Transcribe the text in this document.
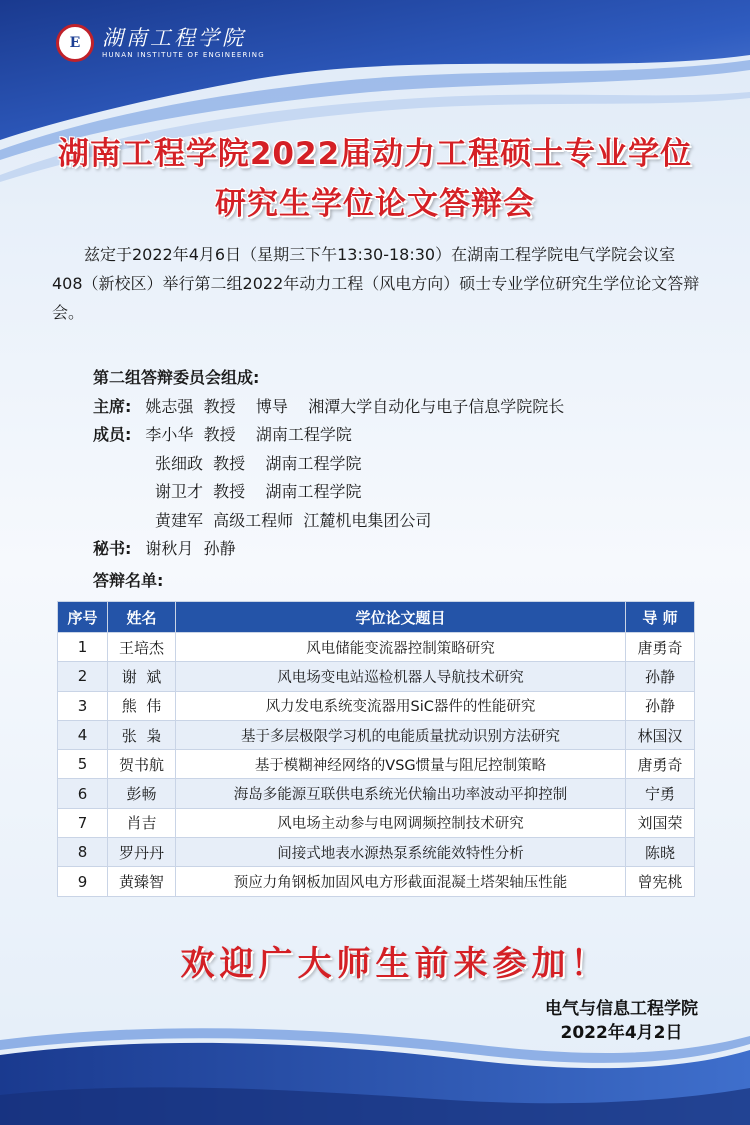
E	湖南工程学院
HUNAN INSTITUTE OF ENGINEERING
湖南工程学院2022届动力工程硕士专业学位
研究生学位论文答辩会
兹定于2022年4月6日（星期三下午13:30-18:30）在湖南工程学院电气学院会议室408（新校区）举行第二组2022年动力工程（风电方向）硕士专业学位研究生学位论文答辩会。
第二组答辩委员会组成:
主席: 姚志强  教授    博导    湘潭大学自动化与电子信息学院院长
成员: 李小华  教授    湖南工程学院
张细政  教授    湖南工程学院
谢卫才  教授    湖南工程学院
黄建军  高级工程师  江麓机电集团公司
秘书: 谢秋月  孙静
答辩名单:
序号	姓名	学位论文题目	导 师
1	王培杰	风电储能变流器控制策略研究	唐勇奇
2	谢  斌	风电场变电站巡检机器人导航技术研究	孙静
3	熊  伟	风力发电系统变流器用SiC器件的性能研究	孙静
4	张  枭	基于多层极限学习机的电能质量扰动识别方法研究	林国汉
5	贺书航	基于模糊神经网络的VSG惯量与阻尼控制策略	唐勇奇
6	彭畅	海岛多能源互联供电系统光伏输出功率波动平抑控制	宁勇
7	肖吉	风电场主动参与电网调频控制技术研究	刘国荣
8	罗丹丹	间接式地表水源热泵系统能效特性分析	陈晓
9	黄臻智	预应力角钢板加固风电方形截面混凝土塔架轴压性能	曾宪桃
欢迎广大师生前来参加！
电气与信息工程学院
2022年4月2日
